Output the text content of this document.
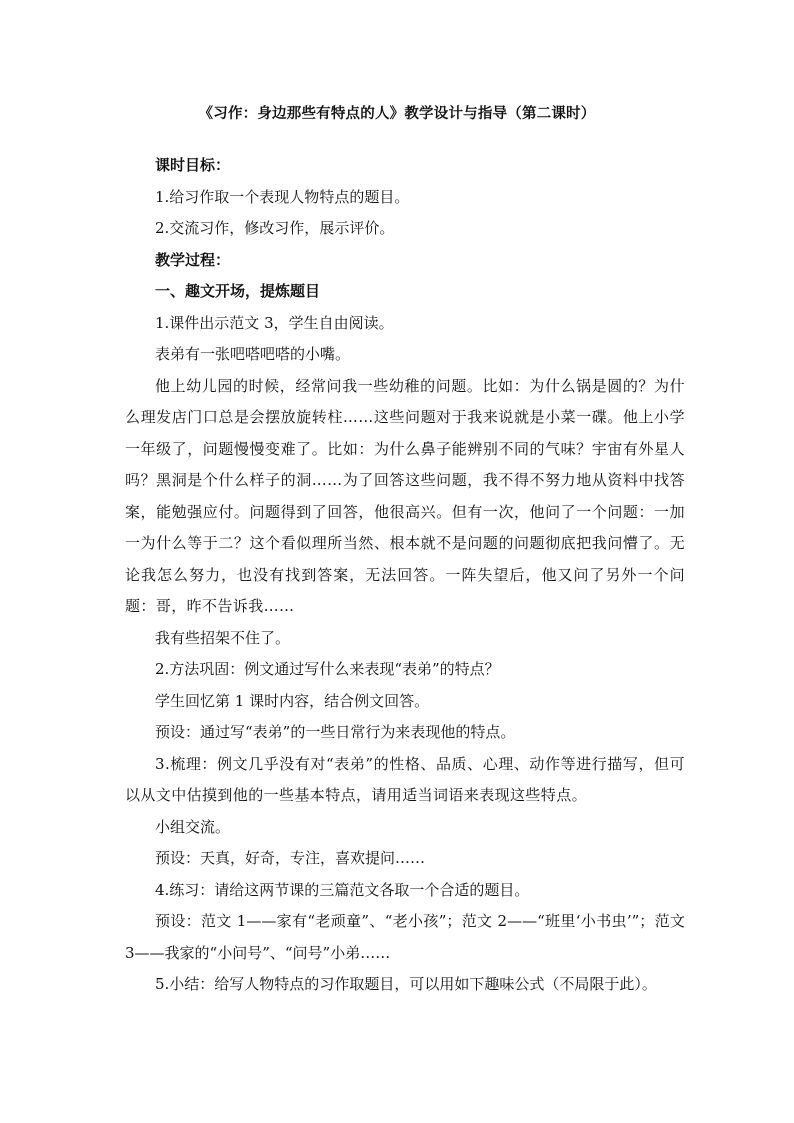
《习作：身边那些有特点的人》教学设计与指导（第二课时）

课时目标：

1.给习作取一个表现人物特点的题目。

2.交流习作，修改习作，展示评价。

教学过程：

一、趣文开场，提炼题目

1.课件出示范文 3，学生自由阅读。

表弟有一张吧嗒吧嗒的小嘴。

他上幼儿园的时候，经常问我一些幼稚的问题。比如：为什么锅是圆的？为什么理发店门口总是会摆放旋转柱……这些问题对于我来说就是小菜一碟。他上小学一年级了，问题慢慢变难了。比如：为什么鼻子能辨别不同的气味？宇宙有外星人吗？黑洞是个什么样子的洞……为了回答这些问题，我不得不努力地从资料中找答案，能勉强应付。问题得到了回答，他很高兴。但有一次，他问了一个问题：一加一为什么等于二？这个看似理所当然、根本就不是问题的问题彻底把我问懵了。无论我怎么努力，也没有找到答案，无法回答。一阵失望后，他又问了另外一个问题：哥，昨不告诉我……

我有些招架不住了。

2.方法巩固：例文通过写什么来表现“表弟”的特点？

学生回忆第 1 课时内容，结合例文回答。

预设：通过写“表弟”的一些日常行为来表现他的特点。

3.梳理：例文几乎没有对“表弟”的性格、品质、心理、动作等进行描写，但可以从文中估摸到他的一些基本特点，请用适当词语来表现这些特点。

小组交流。

预设：天真，好奇，专注，喜欢提问……

4.练习：请给这两节课的三篇范文各取一个合适的题目。

预设：范文 1——家有“老顽童”、“老小孩”；范文 2——“班里‘小书虫’”；范文 3——我家的“小问号”、“问号”小弟……

5.小结：给写人物特点的习作取题目，可以用如下趣味公式（不局限于此）。
